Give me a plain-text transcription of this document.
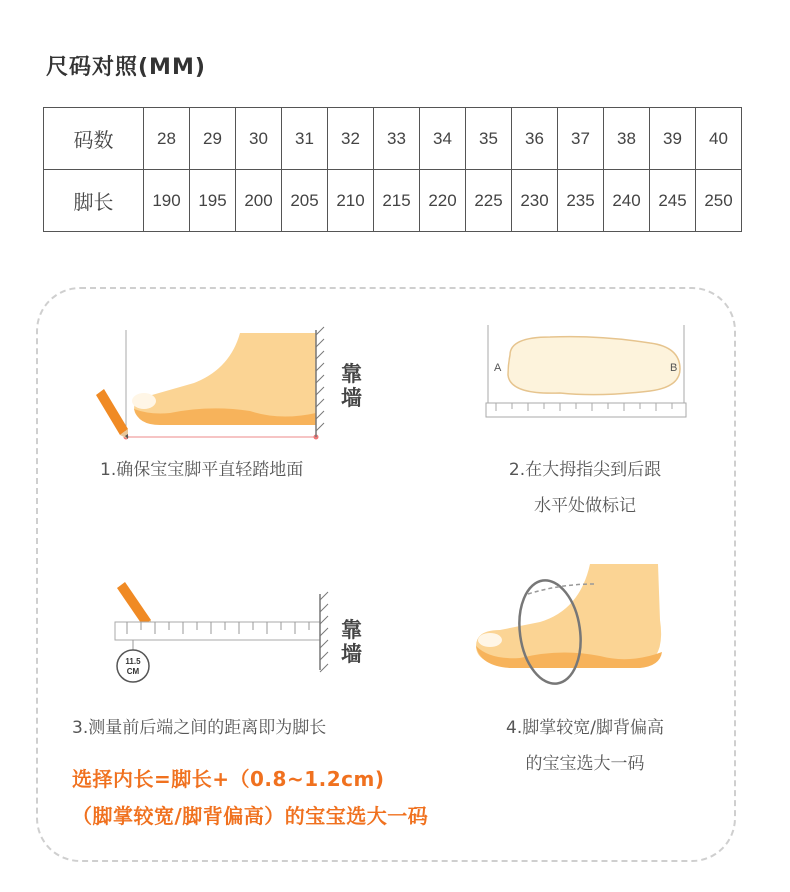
尺码对照(MM)
码数	28	29	30	31	32	33	34	35	36	37	38	39	40
脚长	190	195	200	205	210	215	220	225	230	235	240	245	250
靠墙
1.确保宝宝脚平直轻踏地面
A	B
2.在大拇指尖到后跟
水平处做标记
11.5
CM
靠墙
3.测量前后端之间的距离即为脚长	4.脚掌较宽/脚背偏高
的宝宝选大一码
选择内长=脚长+（0.8~1.2cm)
（脚掌较宽/脚背偏高）的宝宝选大一码
